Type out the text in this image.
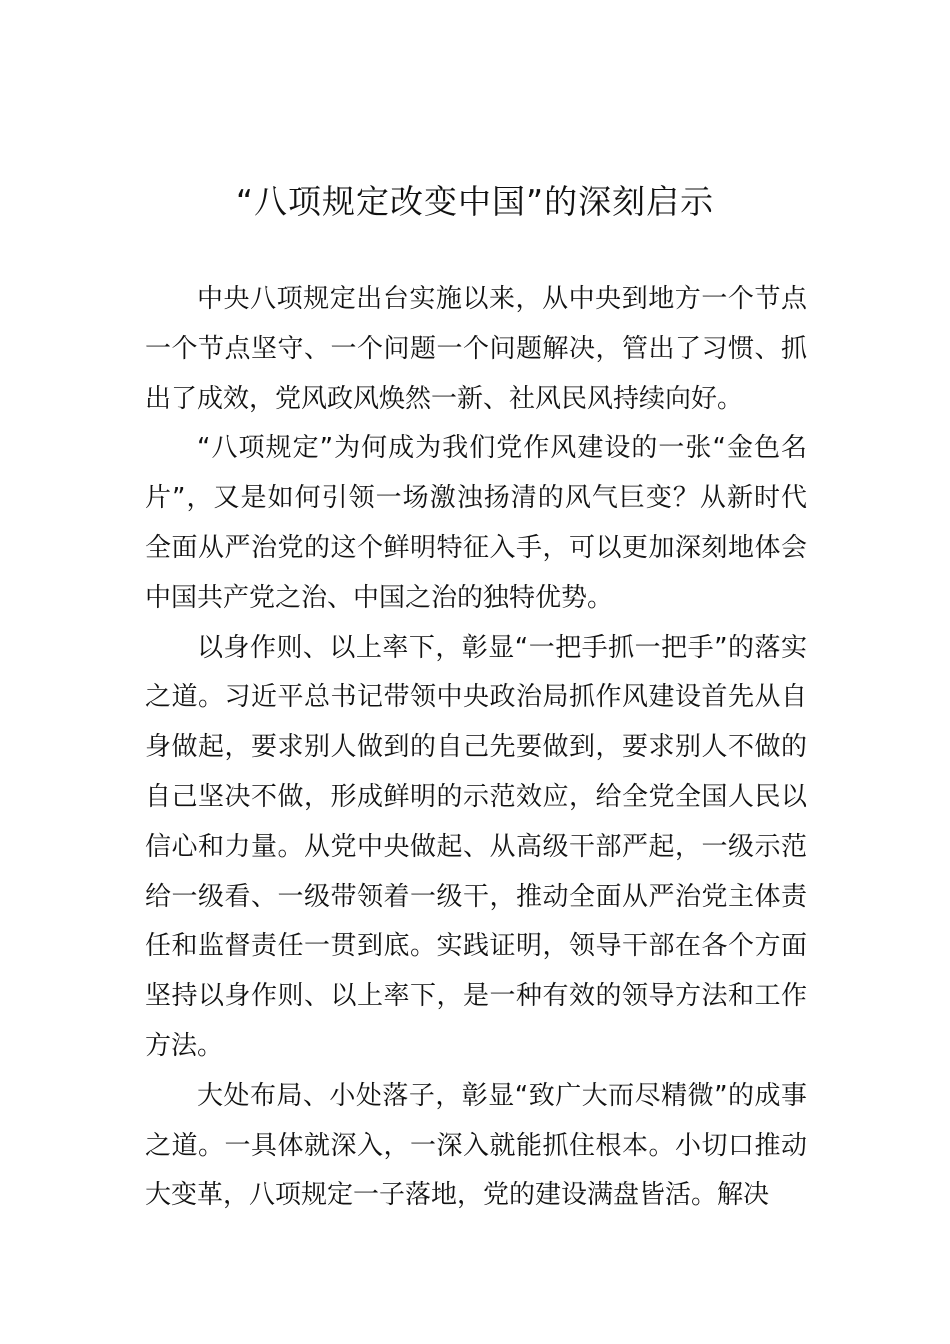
“八项规定改变中国”的深刻启示

中央八项规定出台实施以来，从中央到地方一个节点一个节点坚守、一个问题一个问题解决，管出了习惯、抓出了成效，党风政风焕然一新、社风民风持续向好。

“八项规定”为何成为我们党作风建设的一张“金色名片”，又是如何引领一场激浊扬清的风气巨变？从新时代全面从严治党的这个鲜明特征入手，可以更加深刻地体会中国共产党之治、中国之治的独特优势。

以身作则、以上率下，彰显“一把手抓一把手”的落实之道。习近平总书记带领中央政治局抓作风建设首先从自身做起，要求别人做到的自己先要做到，要求别人不做的自己坚决不做，形成鲜明的示范效应，给全党全国人民以信心和力量。从党中央做起、从高级干部严起，一级示范给一级看、一级带领着一级干，推动全面从严治党主体责任和监督责任一贯到底。实践证明，领导干部在各个方面坚持以身作则、以上率下，是一种有效的领导方法和工作方法。

大处布局、小处落子，彰显“致广大而尽精微”的成事之道。一具体就深入，一深入就能抓住根本。小切口推动大变革，八项规定一子落地，党的建设满盘皆活。解决
